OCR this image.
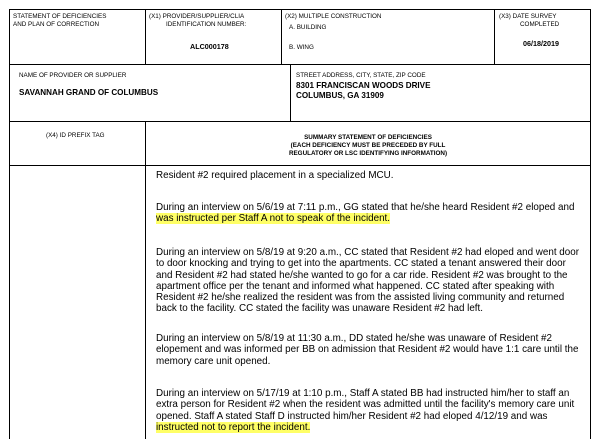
STATEMENT OF DEFICIENCIES
AND PLAN OF CORRECTION
(X1) PROVIDER/SUPPLIER/CLIA
IDENTIFICATION NUMBER:
ALC000178
(X2) MULTIPLE CONSTRUCTION
A. BUILDING
B. WING
(X3) DATE SURVEY
COMPLETED
06/18/2019
NAME OF PROVIDER OR SUPPLIER
SAVANNAH GRAND OF COLUMBUS
STREET ADDRESS, CITY, STATE, ZIP CODE
8301 FRANCISCAN WOODS DRIVE
COLUMBUS, GA 31909
(X4) ID PREFIX TAG	SUMMARY STATEMENT OF DEFICIENCIES
(EACH DEFICIENCY MUST BE PRECEDED BY FULL
REGULATORY OR LSC IDENTIFYING INFORMATION)

Resident #2 required placement in a specialized MCU.

During an interview on 5/6/19 at 7:11 p.m., GG stated that he/she heard Resident #2 eloped and

was instructed per Staff A not to speak of the incident.

During an interview on 5/8/19 at 9:20 a.m., CC stated that Resident #2 had eloped and went door

to door knocking and trying to get into the apartments. CC stated a tenant answered their door

and Resident #2 had stated he/she wanted to go for a car ride. Resident #2 was brought to the

apartment office per the tenant and informed what happened. CC stated after speaking with

Resident #2 he/she realized the resident was from the assisted living community and returned

back to the facility. CC stated the facility was unaware Resident #2 had left.

During an interview on 5/8/19 at 11:30 a.m., DD stated he/she was unaware of Resident #2

elopement and was informed per BB on admission that Resident #2 would have 1:1 care until the

memory care unit opened.

During an interview on 5/17/19 at 1:10 p.m., Staff A stated BB had instructed him/her to staff an

extra person for Resident #2 when the resident was admitted until the facility's memory care unit

opened. Staff A stated Staff D instructed him/her Resident #2 had eloped 4/12/19 and was

instructed not to report the incident.
